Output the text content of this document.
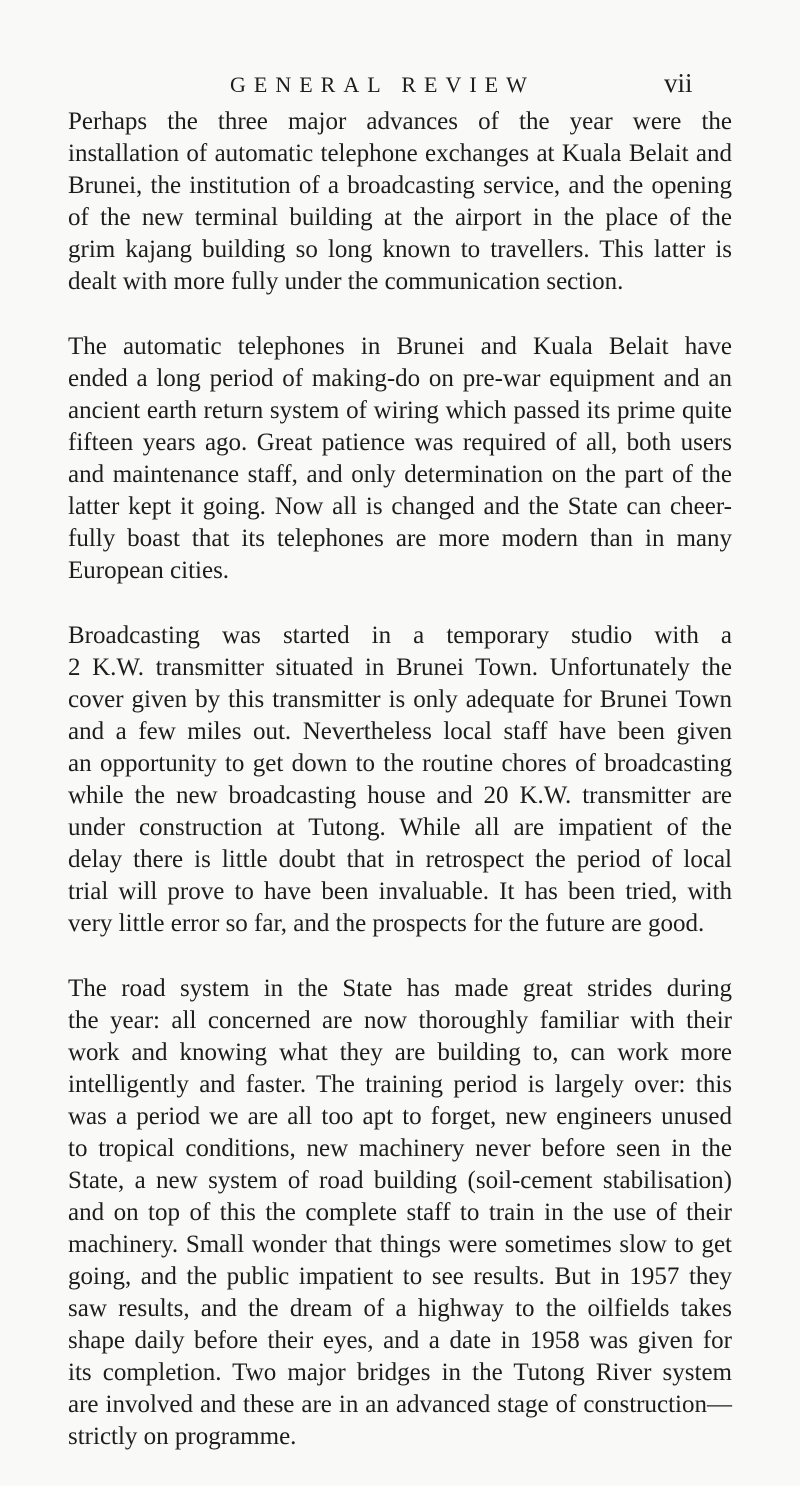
GENERAL REVIEW	vii
Perhaps the three major advances of the year were the
installation of automatic telephone exchanges at Kuala Belait and
Brunei, the institution of a broadcasting service, and the opening
of the new terminal building at the airport in the place of the
grim kajang building so long known to travellers. This latter is
dealt with more fully under the communication section.
The automatic telephones in Brunei and Kuala Belait have
ended a long period of making-do on pre-war equipment and an
ancient earth return system of wiring which passed its prime quite
fifteen years ago. Great patience was required of all, both users
and maintenance staff, and only determination on the part of the
latter kept it going. Now all is changed and the State can cheer-
fully boast that its telephones are more modern than in many
European cities.
Broadcasting was started in a temporary studio with a
2 K.W. transmitter situated in Brunei Town. Unfortunately the
cover given by this transmitter is only adequate for Brunei Town
and a few miles out. Nevertheless local staff have been given
an opportunity to get down to the routine chores of broadcasting
while the new broadcasting house and 20 K.W. transmitter are
under construction at Tutong. While all are impatient of the
delay there is little doubt that in retrospect the period of local
trial will prove to have been invaluable. It has been tried, with
very little error so far, and the prospects for the future are good.
The road system in the State has made great strides during
the year: all concerned are now thoroughly familiar with their
work and knowing what they are building to, can work more
intelligently and faster. The training period is largely over: this
was a period we are all too apt to forget, new engineers unused
to tropical conditions, new machinery never before seen in the
State, a new system of road building (soil-cement stabilisation)
and on top of this the complete staff to train in the use of their
machinery. Small wonder that things were sometimes slow to get
going, and the public impatient to see results. But in 1957 they
saw results, and the dream of a highway to the oilfields takes
shape daily before their eyes, and a date in 1958 was given for
its completion. Two major bridges in the Tutong River system
are involved and these are in an advanced stage of construction—
strictly on programme.
